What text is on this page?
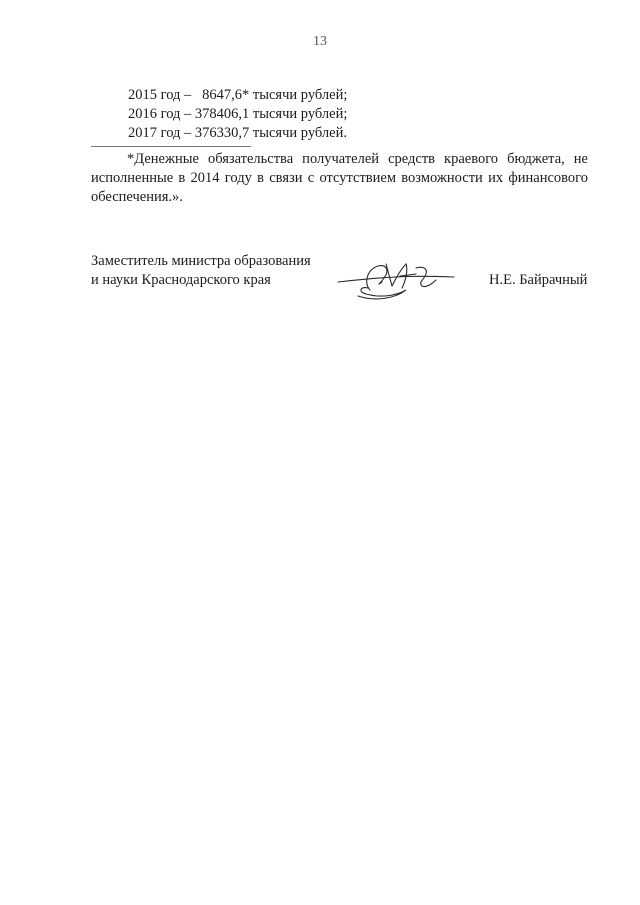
13
2015 год –   8647,6* тысячи рублей;
2016 год – 378406,1 тысячи рублей;
2017 год – 376330,7 тысячи рублей.
*Денежные обязательства получателей средств краевого бюджета, не исполненные в 2014 году в связи с отсутствием возможности их финансового обеспечения.».
Заместитель министра образования
и науки Краснодарского края	Н.Е. Байрачный
